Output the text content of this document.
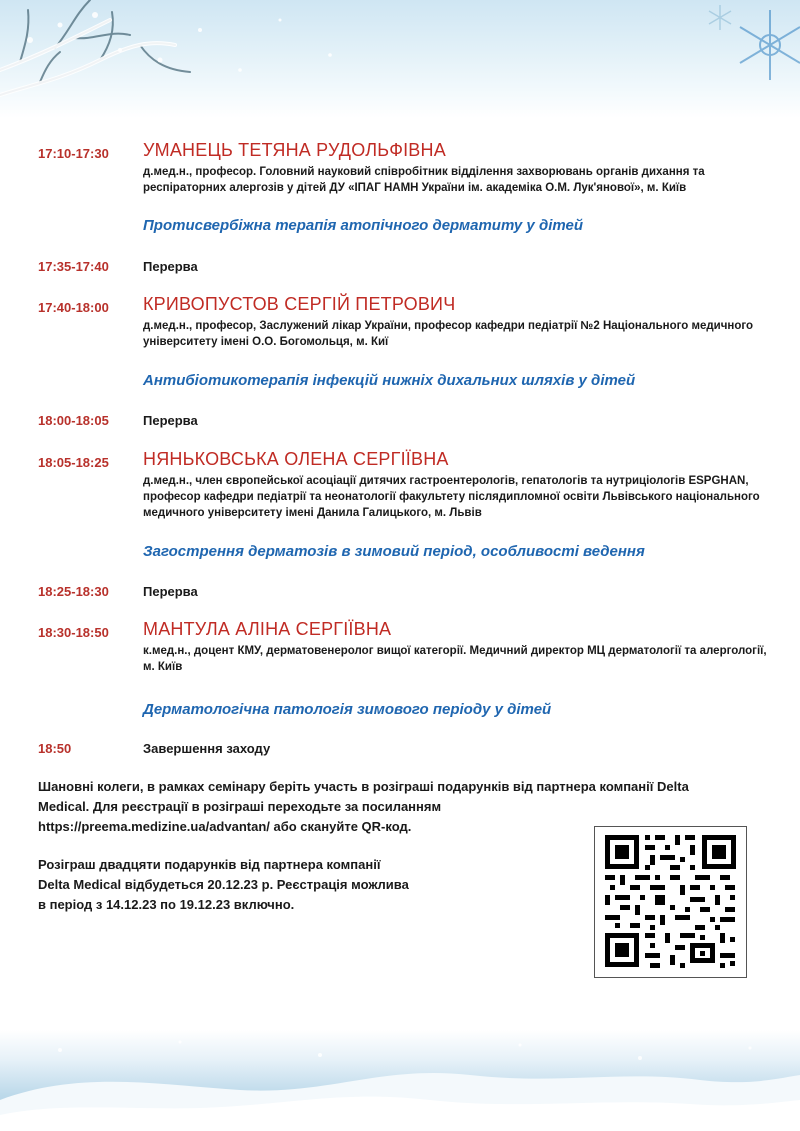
17:10-17:30	УМАНЕЦЬ ТЕТЯНА РУДОЛЬФІВНА
д.мед.н., професор. Головний науковий співробітник відділення захворювань органів дихання та респіраторних алергозів у дітей ДУ «ІПАГ НАМН України ім. академіка О.М. Лук'янової», м. Київ
Протисвербіжна терапія атопічного дерматиту у дітей
17:35-17:40	Перерва
17:40-18:00	КРИВОПУСТОВ СЕРГІЙ ПЕТРОВИЧ
д.мед.н., професор, Заслужений лікар України, професор кафедри педіатрії №2 Національного медичного університету імені О.О. Богомольця, м. Киї
Антибіотикотерапія інфекцій нижніх дихальних шляхів у дітей
18:00-18:05	Перерва
18:05-18:25	НЯНЬКОВСЬКА ОЛЕНА СЕРГІЇВНА
д.мед.н., член європейської асоціації дитячих гастроентерологів, гепатологів та нутриціологів ESPGHAN, професор кафедри педіатрії та неонатології факультету післядипломної освіти Львівського національного медичного університету імені Данила Галицького, м. Львів
Загострення дерматозів в зимовий період, особливості ведення
18:25-18:30	Перерва
18:30-18:50	МАНТУЛА АЛІНА СЕРГІЇВНА
к.мед.н., доцент КМУ, дерматовенеролог вищої категорії. Медичний директор МЦ дерматології та алергології, м. Київ
Дерматологічна патологія зимового періоду у дітей
18:50	Завершення заходу
Шановні колеги, в рамках семінару беріть участь в розіграші подарунків від партнера компанії Delta
Medical. Для реєстрації в розіграші переходьте за посиланням
https://preema.medizine.ua/advantan/ або скануйте QR-код.
Розіграш двадцяти подарунків від партнера компанії
Delta Medical відбудеться 20.12.23 р. Реєстрація можлива
в період з 14.12.23 по 19.12.23 включно.
